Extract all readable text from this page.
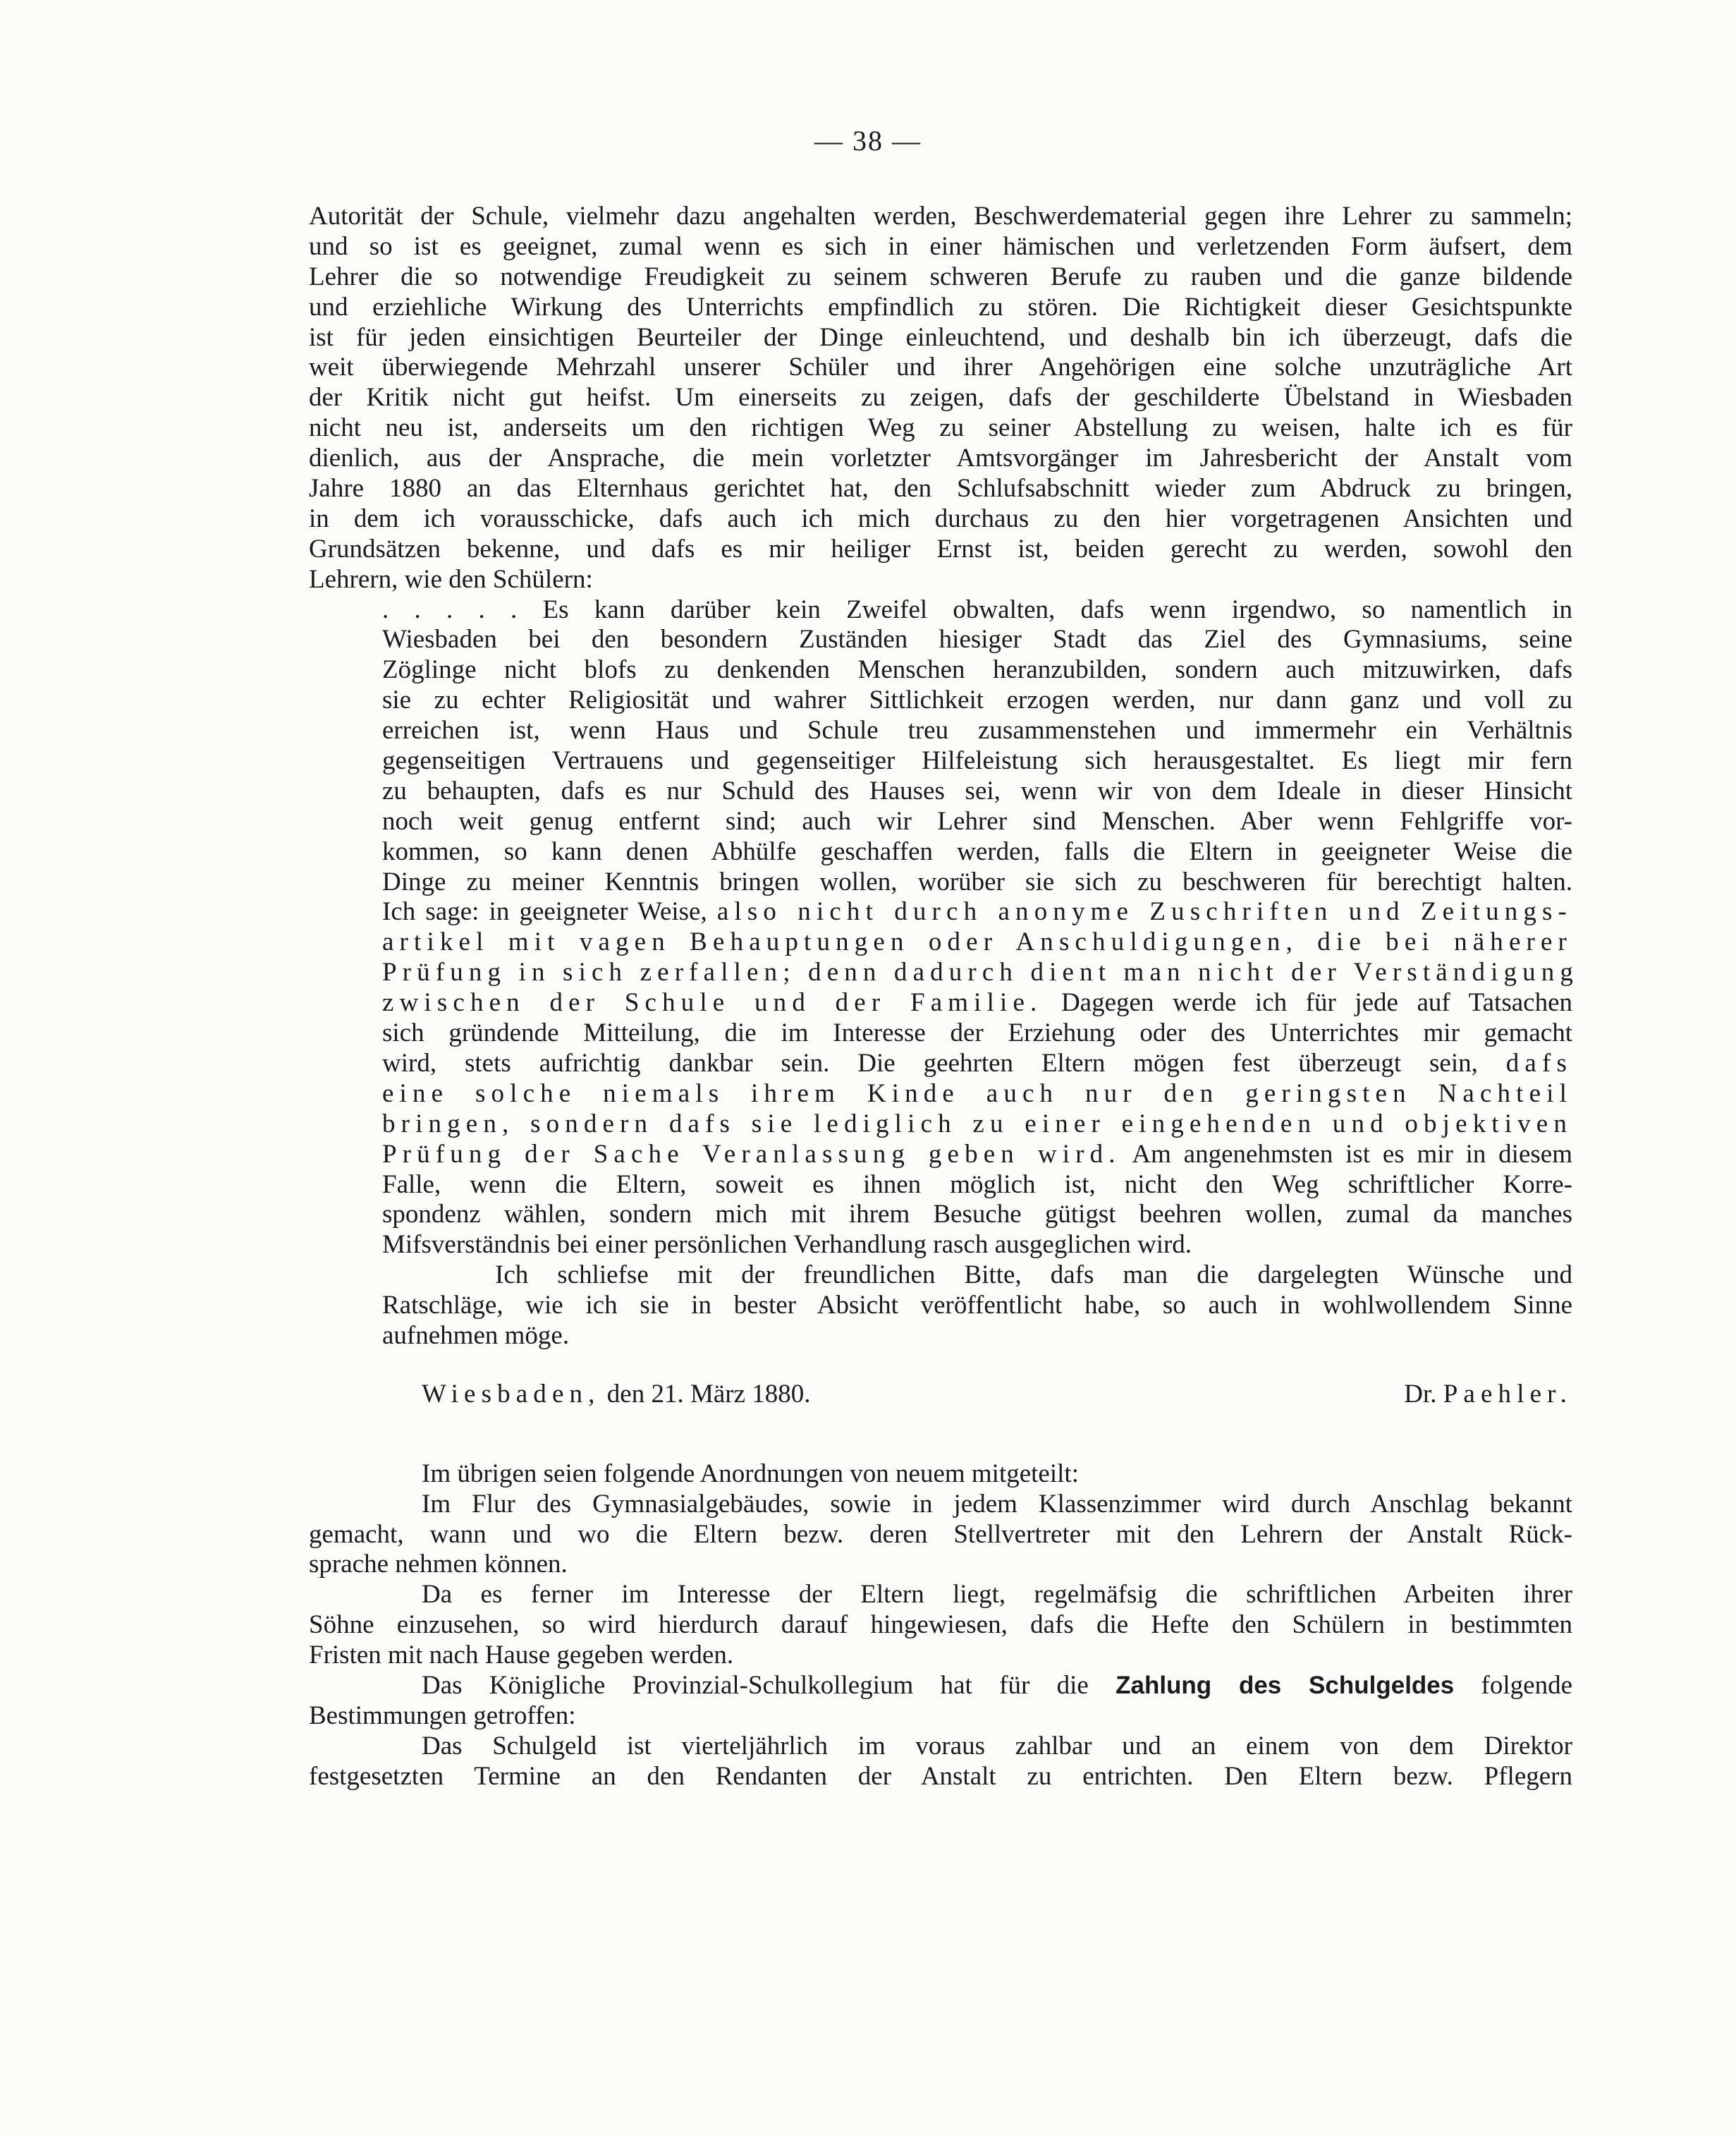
— 38 —
Autorität der Schule, vielmehr dazu angehalten werden, Beschwerdematerial gegen ihre Lehrer zu sammeln;
und so ist es geeignet, zumal wenn es sich in einer hämischen und verletzenden Form äufsert, dem
Lehrer die so notwendige Freudigkeit zu seinem schweren Berufe zu rauben und die ganze bildende
und erziehliche Wirkung des Unterrichts empfindlich zu stören. Die Richtigkeit dieser Gesichtspunkte
ist für jeden einsichtigen Beurteiler der Dinge einleuchtend, und deshalb bin ich überzeugt, dafs die
weit überwiegende Mehrzahl unserer Schüler und ihrer Angehörigen eine solche unzuträgliche Art
der Kritik nicht gut heifst. Um einerseits zu zeigen, dafs der geschilderte Übelstand in Wiesbaden
nicht neu ist, anderseits um den richtigen Weg zu seiner Abstellung zu weisen, halte ich es für
dienlich, aus der Ansprache, die mein vorletzter Amtsvorgänger im Jahresbericht der Anstalt vom
Jahre 1880 an das Elternhaus gerichtet hat, den Schlufsabschnitt wieder zum Abdruck zu bringen,
in dem ich vorausschicke, dafs auch ich mich durchaus zu den hier vorgetragenen Ansichten und
Grundsätzen bekenne, und dafs es mir heiliger Ernst ist, beiden gerecht zu werden, sowohl den
Lehrern, wie den Schülern:
. . . . . Es kann darüber kein Zweifel obwalten, dafs wenn irgendwo, so namentlich in
Wiesbaden bei den besondern Zuständen hiesiger Stadt das Ziel des Gymnasiums, seine
Zöglinge nicht blofs zu denkenden Menschen heranzubilden, sondern auch mitzuwirken, dafs
sie zu echter Religiosität und wahrer Sittlichkeit erzogen werden, nur dann ganz und voll zu
erreichen ist, wenn Haus und Schule treu zusammenstehen und immermehr ein Verhältnis
gegenseitigen Vertrauens und gegenseitiger Hilfeleistung sich herausgestaltet. Es liegt mir fern
zu behaupten, dafs es nur Schuld des Hauses sei, wenn wir von dem Ideale in dieser Hinsicht
noch weit genug entfernt sind; auch wir Lehrer sind Menschen. Aber wenn Fehlgriffe vor-
kommen, so kann denen Abhülfe geschaffen werden, falls die Eltern in geeigneter Weise die
Dinge zu meiner Kenntnis bringen wollen, worüber sie sich zu beschweren für berechtigt halten.
Ich sage: in geeigneter Weise, also nicht durch anonyme Zuschriften und Zeitungs-
artikel mit vagen Behauptungen oder Anschuldigungen, die bei näherer
Prüfung in sich zerfallen; denn dadurch dient man nicht der Verständigung
zwischen der Schule und der Familie. Dagegen werde ich für jede auf Tatsachen
sich gründende Mitteilung, die im Interesse der Erziehung oder des Unterrichtes mir gemacht
wird, stets aufrichtig dankbar sein. Die geehrten Eltern mögen fest überzeugt sein, dafs
eine solche niemals ihrem Kinde auch nur den geringsten Nachteil
bringen, sondern dafs sie lediglich zu einer eingehenden und objektiven
Prüfung der Sache Veranlassung geben wird. Am angenehmsten ist es mir in diesem
Falle, wenn die Eltern, soweit es ihnen möglich ist, nicht den Weg schriftlicher Korre-
spondenz wählen, sondern mich mit ihrem Besuche gütigst beehren wollen, zumal da manches
Mifsverständnis bei einer persönlichen Verhandlung rasch ausgeglichen wird.
Ich schliefse mit der freundlichen Bitte, dafs man die dargelegten Wünsche und
Ratschläge, wie ich sie in bester Absicht veröffentlicht habe, so auch in wohlwollendem Sinne
aufnehmen möge.
Wiesbaden, den 21. März 1880.	Dr. Paehler.
Im übrigen seien folgende Anordnungen von neuem mitgeteilt:
Im Flur des Gymnasialgebäudes, sowie in jedem Klassenzimmer wird durch Anschlag bekannt
gemacht, wann und wo die Eltern bezw. deren Stellvertreter mit den Lehrern der Anstalt Rück-
sprache nehmen können.
Da es ferner im Interesse der Eltern liegt, regelmäfsig die schriftlichen Arbeiten ihrer
Söhne einzusehen, so wird hierdurch darauf hingewiesen, dafs die Hefte den Schülern in bestimmten
Fristen mit nach Hause gegeben werden.
Das Königliche Provinzial-Schulkollegium hat für die Zahlung des Schulgeldes folgende
Bestimmungen getroffen:
Das Schulgeld ist vierteljährlich im voraus zahlbar und an einem von dem Direktor
festgesetzten Termine an den Rendanten der Anstalt zu entrichten. Den Eltern bezw. Pflegern
